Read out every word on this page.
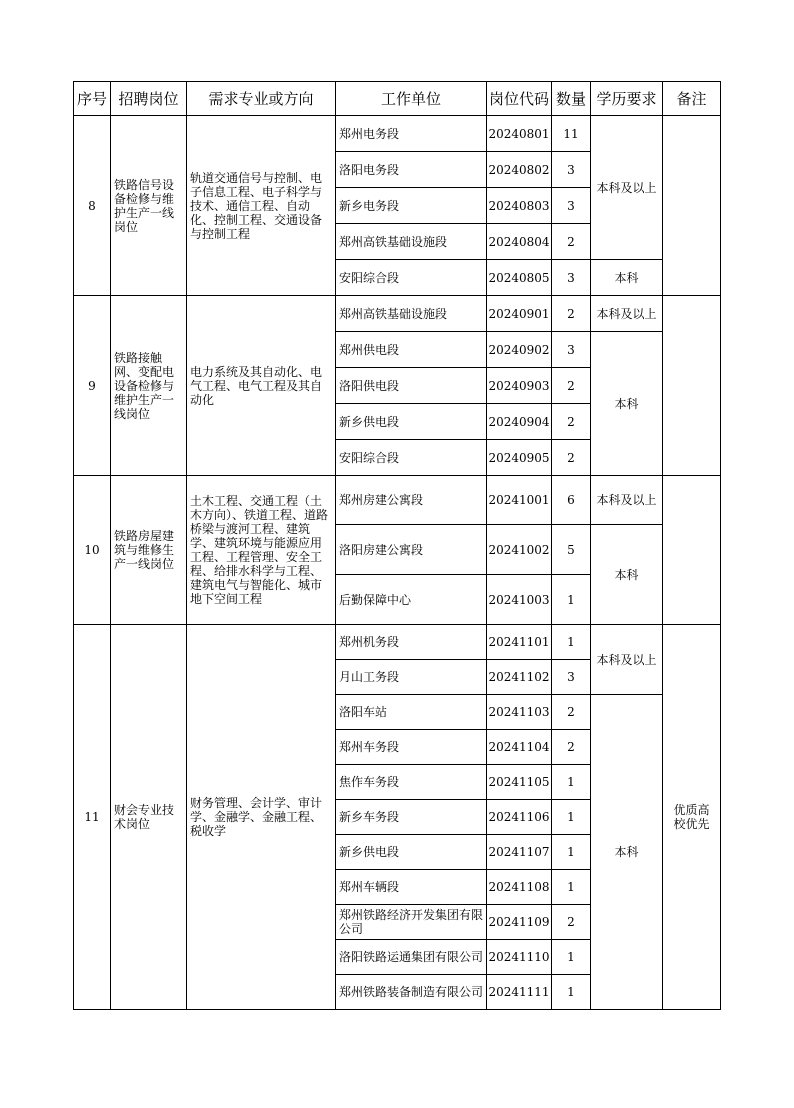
序号	招聘岗位	需求专业或方向	工作单位	岗位代码	数量	学历要求	备注
8	铁路信号设备检修与维护生产一线岗位	轨道交通信号与控制、电子信息工程、电子科学与技术、通信工程、自动化、控制工程、交通设备与控制工程	郑州电务段	20240801	11	本科及以上	
			洛阳电务段	20240802	3		
			新乡电务段	20240803	3		
			郑州高铁基础设施段	20240804	2		
			安阳综合段	20240805	3	本科	
9	铁路接触网、变配电设备检修与维护生产一线岗位	电力系统及其自动化、电气工程、电气工程及其自动化	郑州高铁基础设施段	20240901	2	本科及以上	
			郑州供电段	20240902	3	本科	
			洛阳供电段	20240903	2		
			新乡供电段	20240904	2		
			安阳综合段	20240905	2		
10	铁路房屋建筑与维修生产一线岗位	土木工程、交通工程（土木方向）、铁道工程、道路桥梁与渡河工程、建筑学、建筑环境与能源应用工程、工程管理、安全工程、给排水科学与工程、建筑电气与智能化、城市地下空间工程	郑州房建公寓段	20241001	6	本科及以上	
			洛阳房建公寓段	20241002	5	本科	
			后勤保障中心	20241003	1		
11	财会专业技术岗位	财务管理、会计学、审计学、金融学、金融工程、税收学	郑州机务段	20241101	1	本科及以上	优质高校优先
			月山工务段	20241102	3		
			洛阳车站	20241103	2	本科	
			郑州车务段	20241104	2		
			焦作车务段	20241105	1		
			新乡车务段	20241106	1		
			新乡供电段	20241107	1		
			郑州车辆段	20241108	1		
			郑州铁路经济开发集团有限公司	20241109	2		
			洛阳铁路运通集团有限公司	20241110	1		
			郑州铁路装备制造有限公司	20241111	1		
